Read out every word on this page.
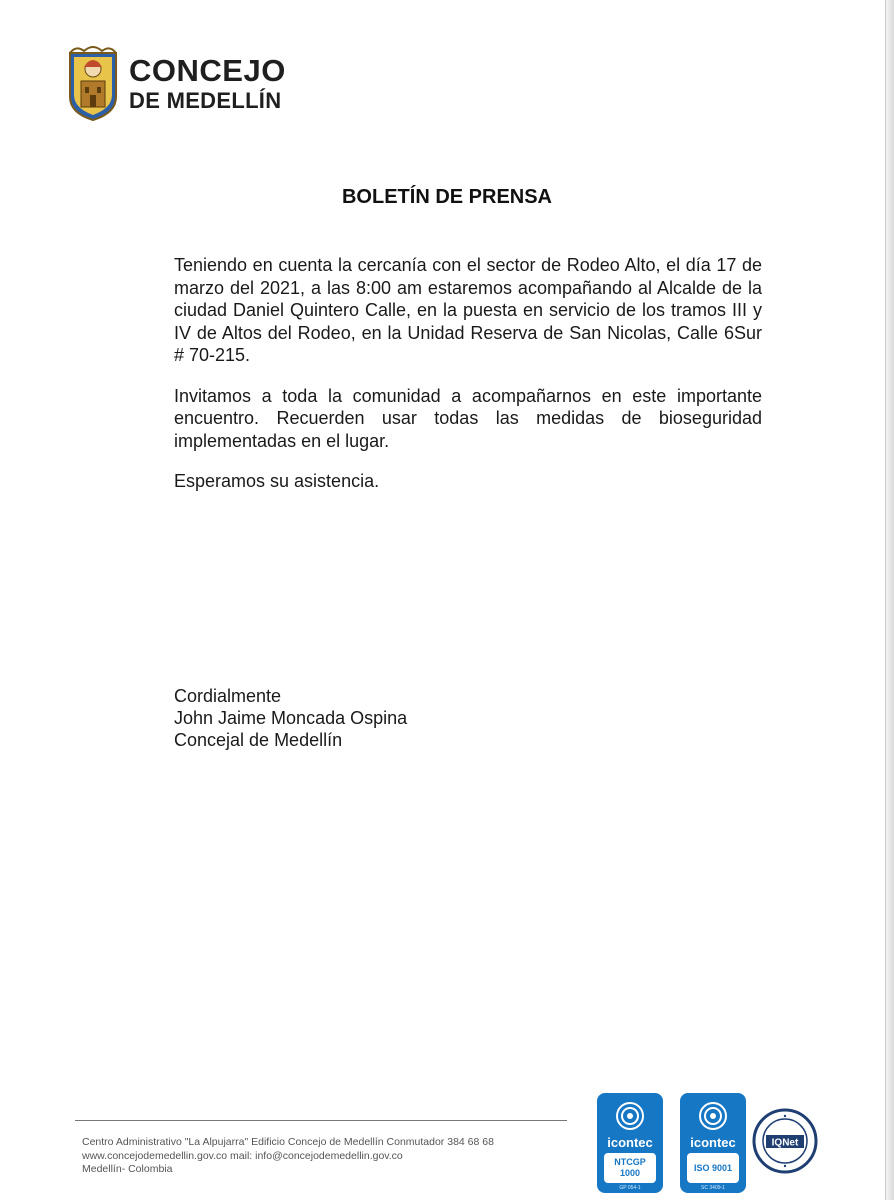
CONCEJO
DE MEDELLÍN
BOLETÍN DE PRENSA

Teniendo en cuenta la cercanía con el sector de Rodeo Alto, el día 17 de marzo del 2021, a las 8:00 am estaremos acompañando al Alcalde de la ciudad Daniel Quintero Calle, en la puesta en servicio de los tramos III y IV de Altos del Rodeo, en la Unidad Reserva de San Nicolas, Calle 6Sur # 70-215.

Invitamos a toda la comunidad a acompañarnos en este importante encuentro. Recuerden usar todas las medidas de bioseguridad implementadas en el lugar.

Esperamos su asistencia.

Cordialmente
John Jaime Moncada Ospina
Concejal de Medellín
Centro Administrativo "La Alpujarra" Edificio Concejo de Medellín Conmutador 384 68 68
www.concejodemedellin.gov.co mail: info@concejodemedellin.gov.co
Medellín- Colombia
icontec
NTCGP 1000
GP 054-1
icontec
ISO 9001
SC 3409-1
IQNet
